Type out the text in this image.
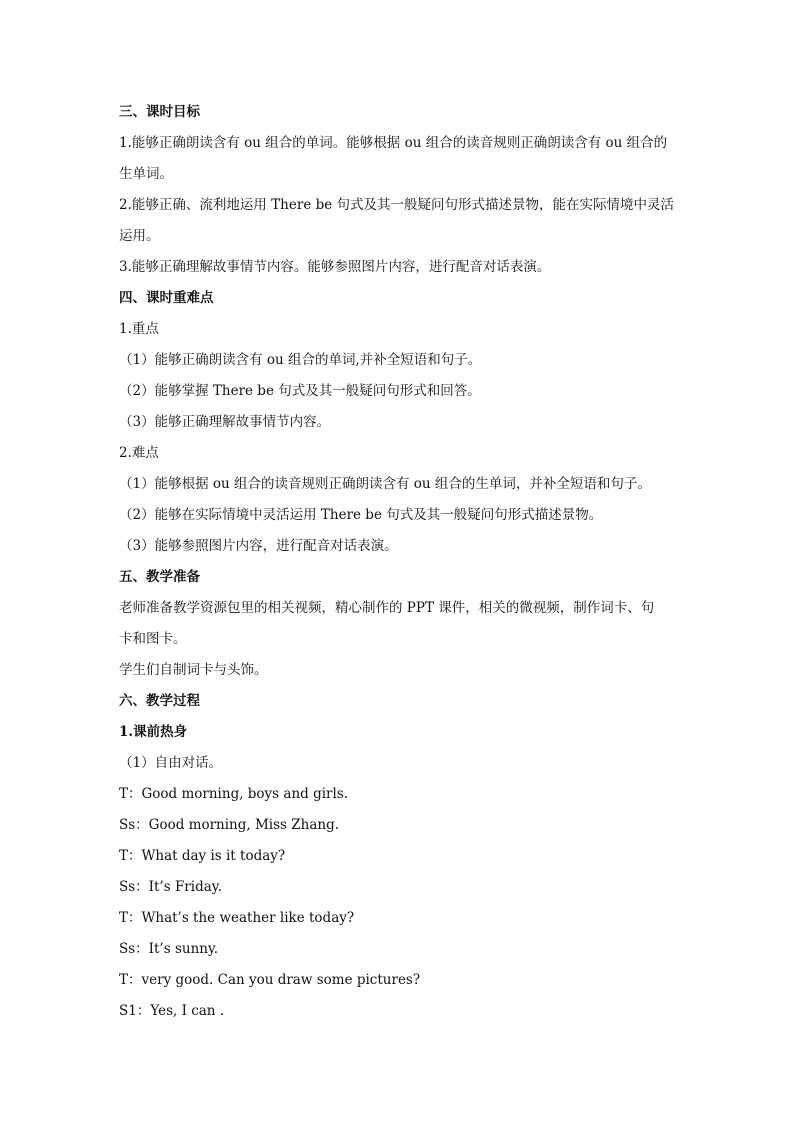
三、课时目标
1.能够正确朗读含有 ou 组合的单词。能够根据 ou 组合的读音规则正确朗读含有 ou 组合的
生单词。
2.能够正确、流利地运用 There be 句式及其一般疑问句形式描述景物，能在实际情境中灵活
运用。
3.能够正确理解故事情节内容。能够参照图片内容，进行配音对话表演。
四、课时重难点
1.重点
（1）能够正确朗读含有 ou 组合的单词,并补全短语和句子。
（2）能够掌握 There be 句式及其一般疑问句形式和回答。
（3）能够正确理解故事情节内容。
2.难点
（1）能够根据 ou 组合的读音规则正确朗读含有 ou 组合的生单词，并补全短语和句子。
（2）能够在实际情境中灵活运用 There be 句式及其一般疑问句形式描述景物。
（3）能够参照图片内容，进行配音对话表演。
五、教学准备
老师准备教学资源包里的相关视频，精心制作的 PPT 课件，相关的微视频，制作词卡、句
卡和图卡。
学生们自制词卡与头饰。
六、教学过程
1.课前热身
（1）自由对话。
T：Good morning, boys and girls.
Ss：Good morning, Miss Zhang.
T：What day is it today?
Ss：It’s Friday.
T：What’s the weather like today?
Ss：It’s sunny.
T：very good. Can you draw some pictures?
S1：Yes, I can .
